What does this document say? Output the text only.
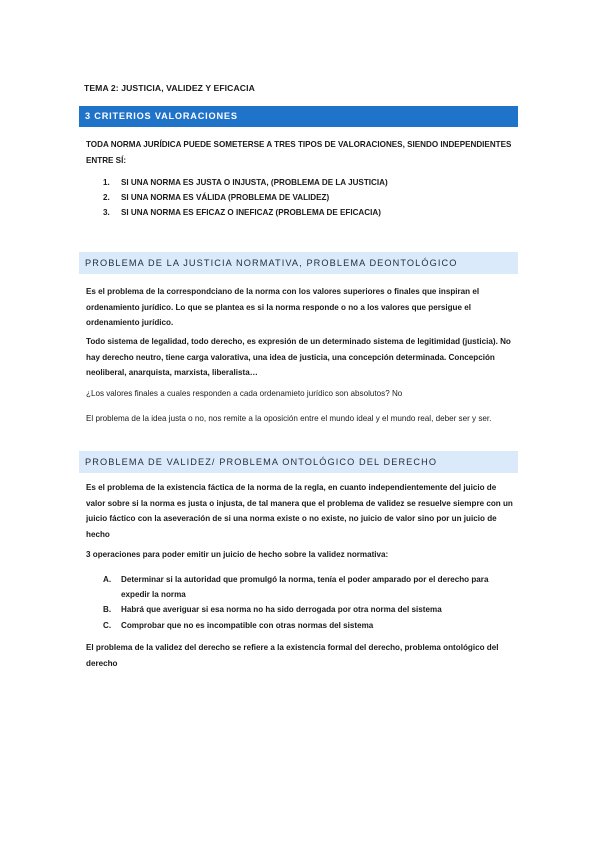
TEMA 2: JUSTICIA, VALIDEZ Y EFICACIA
3 CRITERIOS VALORACIONES

TODA NORMA JURÍDICA PUEDE SOMETERSE A TRES TIPOS DE VALORACIONES, SIENDO INDEPENDIENTES ENTRE SÍ:

1. SI UNA NORMA ES JUSTA O INJUSTA, (PROBLEMA DE LA JUSTICIA)
2. SI UNA NORMA ES VÁLIDA (PROBLEMA DE VALIDEZ)
3. SI UNA NORMA ES EFICAZ O INEFICAZ (PROBLEMA DE EFICACIA)
PROBLEMA DE LA JUSTICIA NORMATIVA, PROBLEMA DEONTOLÓGICO

Es el problema de la correspondciano de la norma con los valores superiores o finales que inspiran el ordenamiento jurídico. Lo que se plantea es si la norma responde o no a los valores que persigue el ordenamiento jurídico.

Todo sistema de legalidad, todo derecho, es expresión de un determinado sistema de legitimidad (justicia). No hay derecho neutro, tiene carga valorativa, una idea de justicia, una concepción determinada. Concepción neoliberal, anarquista, marxista, liberalista…

¿Los valores finales a cuales responden a cada ordenamieto jurídico son absolutos? No

El problema de la idea justa o no, nos remite a la oposición entre el mundo ideal y el mundo real, deber ser y ser.

PROBLEMA DE VALIDEZ/ PROBLEMA ONTOLÓGICO DEL DERECHO

Es el problema de la existencia fáctica de la norma de la regla, en cuanto independientemente del juicio de valor sobre si la norma es justa o injusta, de tal manera que el problema de validez se resuelve siempre con un juicio fáctico con la aseveración de si una norma existe o no existe, no juicio de valor sino por un juicio de hecho

3 operaciones para poder emitir un juicio de hecho sobre la validez normativa:

A. Determinar si la autoridad que promulgó la norma, tenía el poder amparado por el derecho para expedir la norma
B. Habrá que averiguar si esa norma no ha sido derrogada por otra norma del sistema
C. Comprobar que no es incompatible con otras normas del sistema

El problema de la validez del derecho se refiere a la existencia formal del derecho, problema ontológico del derecho
